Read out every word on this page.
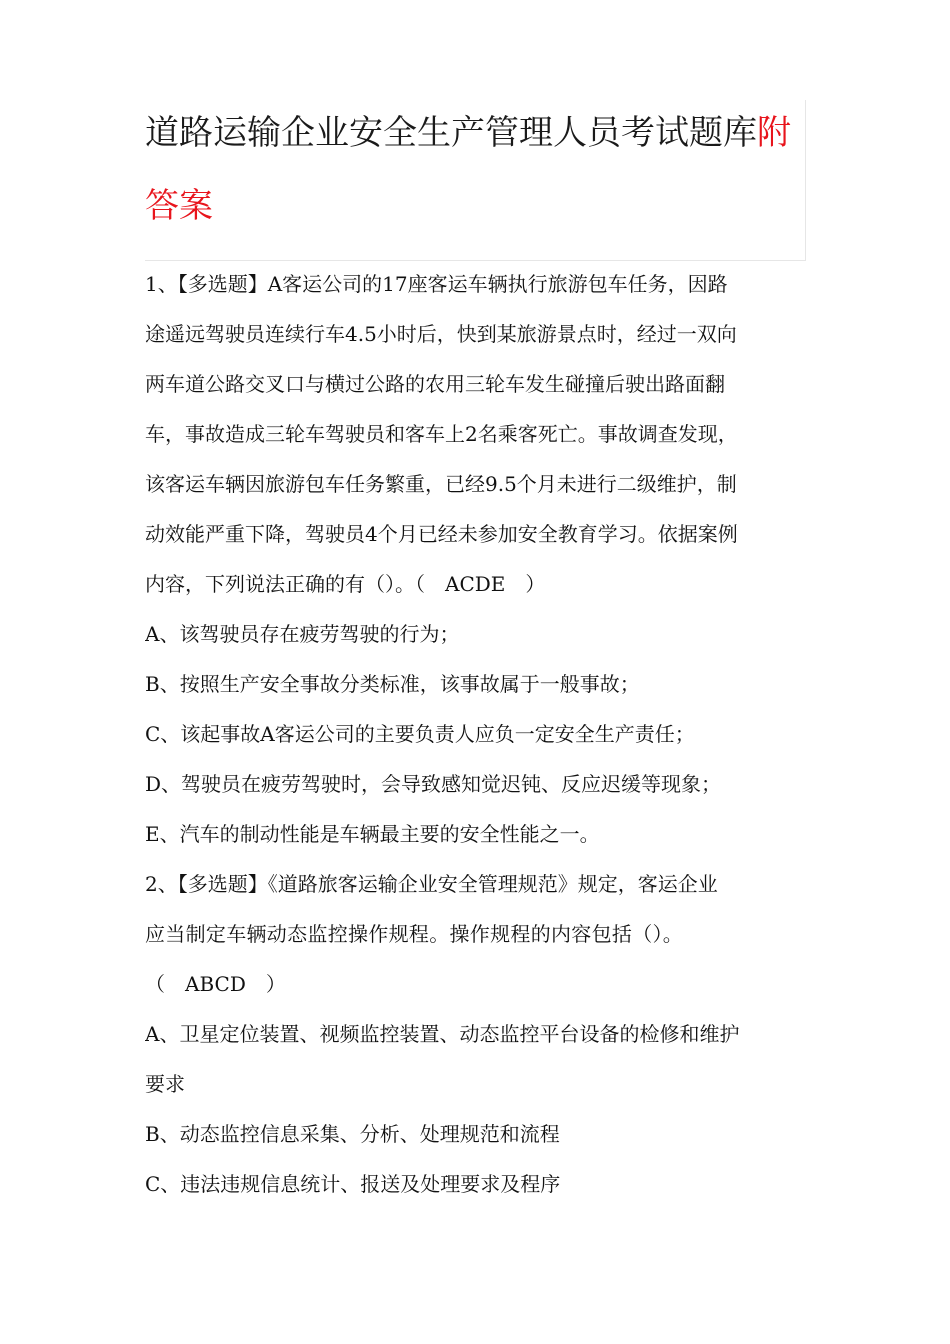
道路运输企业安全生产管理人员考试题库附
答案
1、【多选题】A客运公司的17座客运车辆执行旅游包车任务，因路
途遥远驾驶员连续行车4.5小时后，快到某旅游景点时，经过一双向
两车道公路交叉口与横过公路的农用三轮车发生碰撞后驶出路面翻
车，事故造成三轮车驾驶员和客车上2名乘客死亡。事故调查发现，
该客运车辆因旅游包车任务繁重，已经9.5个月未进行二级维护，制
动效能严重下降，驾驶员4个月已经未参加安全教育学习。依据案例
内容，下列说法正确的有（）。（　ACDE　）
A、该驾驶员存在疲劳驾驶的行为；
B、按照生产安全事故分类标准，该事故属于一般事故；
C、该起事故A客运公司的主要负责人应负一定安全生产责任；
D、驾驶员在疲劳驾驶时，会导致感知觉迟钝、反应迟缓等现象；
E、汽车的制动性能是车辆最主要的安全性能之一。
2、【多选题】《道路旅客运输企业安全管理规范》规定，客运企业
应当制定车辆动态监控操作规程。操作规程的内容包括（）。
（　ABCD　）
A、卫星定位装置、视频监控装置、动态监控平台设备的检修和维护
要求
B、动态监控信息采集、分析、处理规范和流程
C、违法违规信息统计、报送及处理要求及程序
